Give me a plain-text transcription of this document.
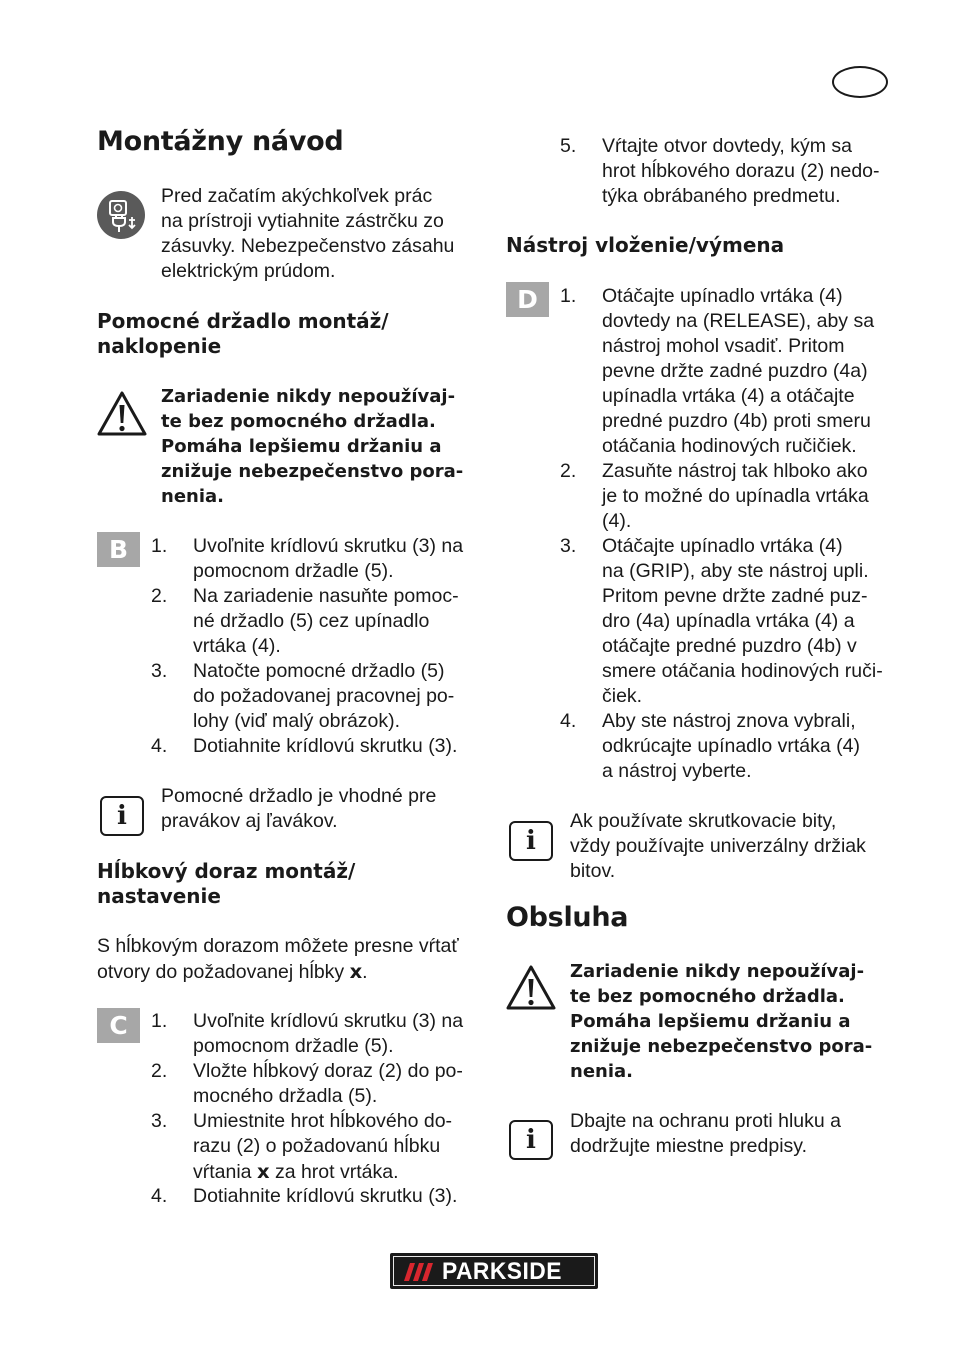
Montážny návod
Pred začatím akýchkoľvek prác
na prístroji vytiahnite zástrčku zo
zásuvky. Nebezpečenstvo zásahu
elektrickým prúdom.
Pomocné držadlo montáž/
naklopenie
Zariadenie nikdy nepoužívaj-
te bez pomocného držadla.
Pomáha lepšiemu držaniu a
znižuje nebezpečenstvo pora-
nenia.
B	1. Uvoľnite krídlovú skrutku (3) na
pomocnom držadle (5).
2. Na zariadenie nasuňte pomoc-
né držadlo (5) cez upínadlo
vrtáka (4).
3. Natočte pomocné držadlo (5)
do požadovanej pracovnej po-
lohy (viď malý obrázok).
4. Dotiahnite krídlovú skrutku (3).
i
Pomocné držadlo je vhodné pre
pravákov aj ľavákov.
Hĺbkový doraz montáž/
nastavenie
S hĺbkovým dorazom môžete presne vŕtať
otvory do požadovanej hĺbky x.
C	1. Uvoľnite krídlovú skrutku (3) na
pomocnom držadle (5).
2. Vložte hĺbkový doraz (2) do po-
mocného držadla (5).
3. Umiestnite hrot hĺbkového do-
razu (2) o požadovanú hĺbku
vŕtania x za hrot vrtáka.
4. Dotiahnite krídlovú skrutku (3).
5. Vŕtajte otvor dovtedy, kým sa
hrot hĺbkového dorazu (2) nedo-
týka obrábaného predmetu.
Nástroj vloženie/výmena
D	1. Otáčajte upínadlo vrtáka (4)
dovtedy na (RELEASE), aby sa
nástroj mohol vsadiť. Pritom
pevne držte zadné puzdro (4a)
upínadla vrtáka (4) a otáčajte
predné puzdro (4b) proti smeru
otáčania hodinových ručičiek.
2. Zasuňte nástroj tak hlboko ako
je to možné do upínadla vrtáka
(4).
3. Otáčajte upínadlo vrtáka (4)
na (GRIP), aby ste nástroj upli.
Pritom pevne držte zadné puz-
dro (4a) upínadla vrtáka (4) a
otáčajte predné puzdro (4b) v
smere otáčania hodinových ruči-
čiek.
4. Aby ste nástroj znova vybrali,
odkrúcajte upínadlo vrtáka (4)
a nástroj vyberte.
i
Ak používate skrutkovacie bity,
vždy používajte univerzálny držiak
bitov.
Obsluha
Zariadenie nikdy nepoužívaj-
te bez pomocného držadla.
Pomáha lepšiemu držaniu a
znižuje nebezpečenstvo pora-
nenia.
i
Dbajte na ochranu proti hluku a
dodržujte miestne predpisy.
PARKSIDE
